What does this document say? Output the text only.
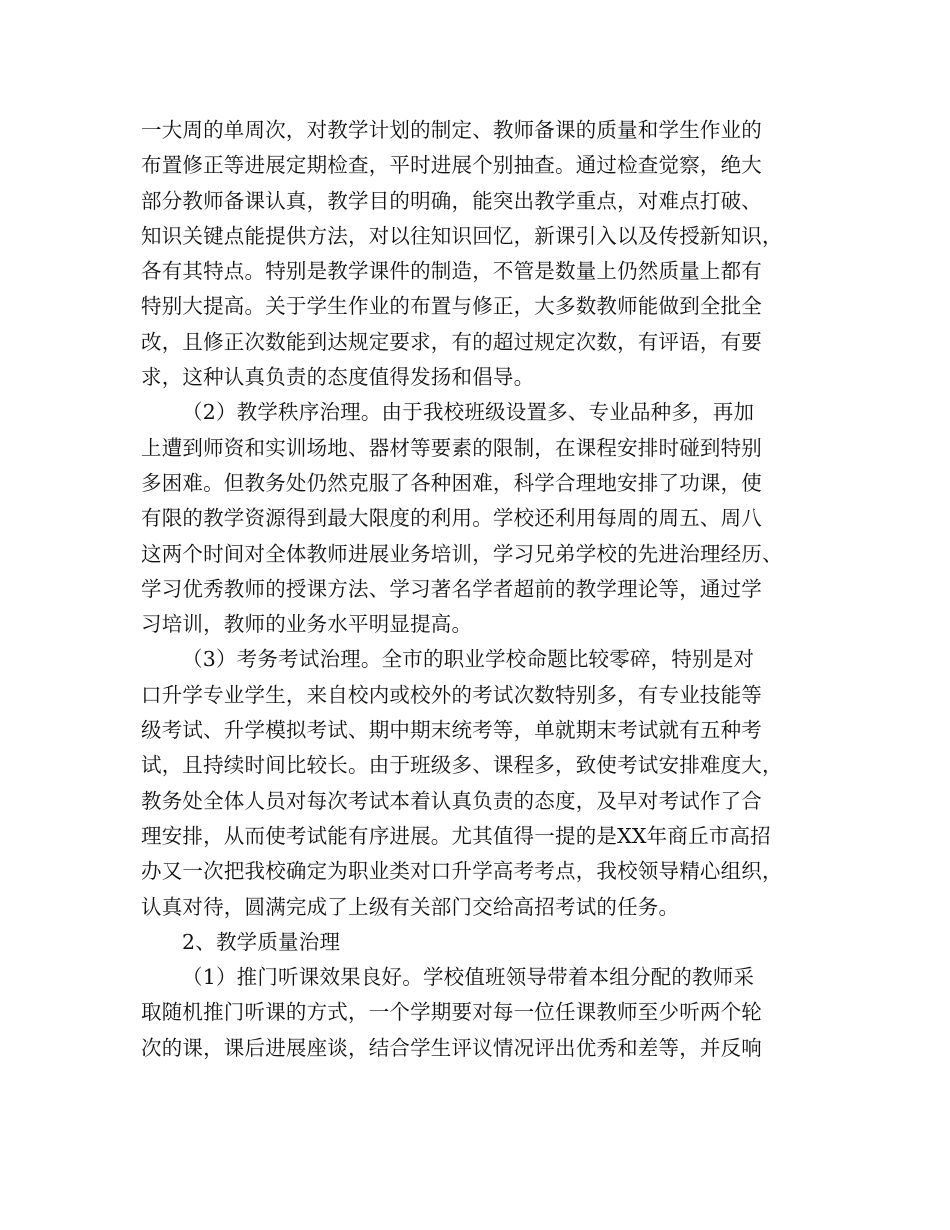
一大周的单周次，对教学计划的制定、教师备课的质量和学生作业的
布置修正等进展定期检查，平时进展个别抽查。通过检查觉察，绝大
部分教师备课认真，教学目的明确，能突出教学重点，对难点打破、
知识关键点能提供方法，对以往知识回忆，新课引入以及传授新知识，
各有其特点。特别是教学课件的制造，不管是数量上仍然质量上都有
特别大提高。关于学生作业的布置与修正，大多数教师能做到全批全
改，且修正次数能到达规定要求，有的超过规定次数，有评语，有要
求，这种认真负责的态度值得发扬和倡导。
（2）教学秩序治理。由于我校班级设置多、专业品种多，再加
上遭到师资和实训场地、器材等要素的限制，在课程安排时碰到特别
多困难。但教务处仍然克服了各种困难，科学合理地安排了功课，使
有限的教学资源得到最大限度的利用。学校还利用每周的周五、周八
这两个时间对全体教师进展业务培训，学习兄弟学校的先进治理经历、
学习优秀教师的授课方法、学习著名学者超前的教学理论等，通过学
习培训，教师的业务水平明显提高。
（3）考务考试治理。全市的职业学校命题比较零碎，特别是对
口升学专业学生，来自校内或校外的考试次数特别多，有专业技能等
级考试、升学模拟考试、期中期末统考等，单就期末考试就有五种考
试，且持续时间比较长。由于班级多、课程多，致使考试安排难度大，
教务处全体人员对每次考试本着认真负责的态度，及早对考试作了合
理安排，从而使考试能有序进展。尤其值得一提的是XX年商丘市高招
办又一次把我校确定为职业类对口升学高考考点，我校领导精心组织，
认真对待，圆满完成了上级有关部门交给高招考试的任务。
2、教学质量治理
（1）推门听课效果良好。学校值班领导带着本组分配的教师采
取随机推门听课的方式，一个学期要对每一位任课教师至少听两个轮
次的课，课后进展座谈，结合学生评议情况评出优秀和差等，并反响
